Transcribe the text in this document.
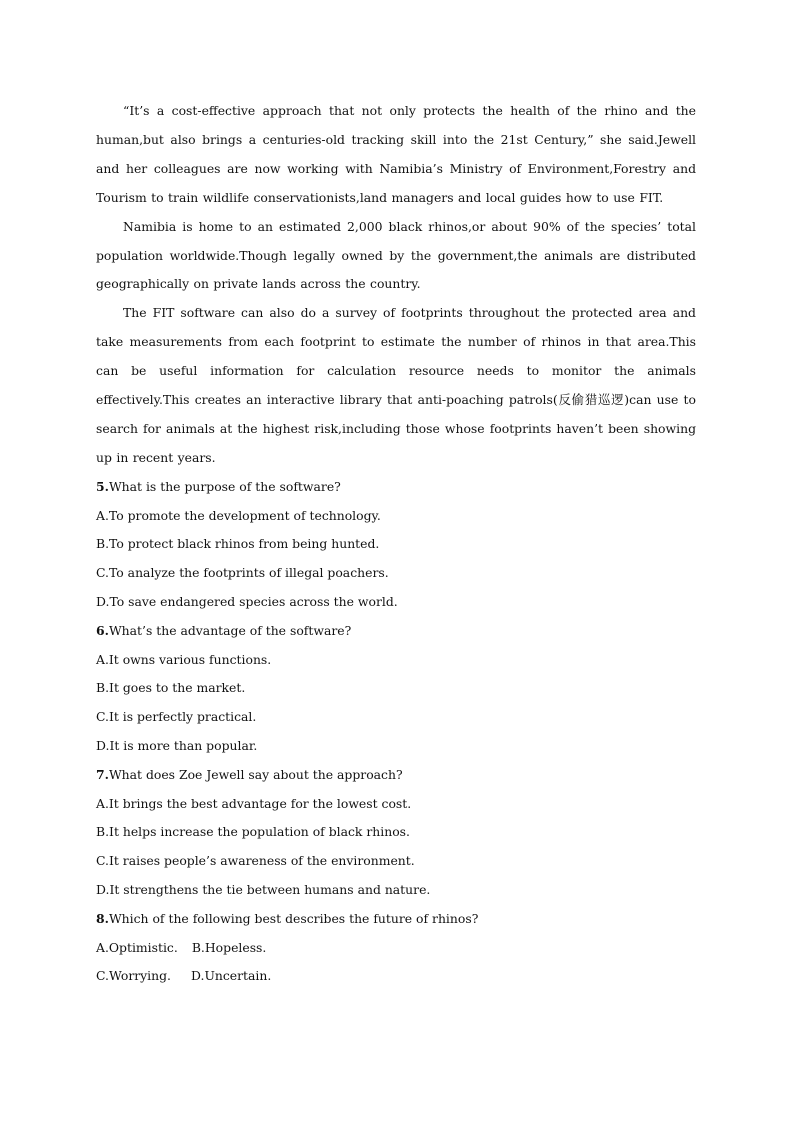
“It’s a cost-effective approach that not only protects the health of the rhino and the human,but also brings a centuries-old tracking skill into the 21st Century,” she said.Jewell and her colleagues are now working with Namibia’s Ministry of Environment,Forestry and Tourism to train wildlife conservationists,land managers and local guides how to use FIT.

Namibia is home to an estimated 2,000 black rhinos,or about 90% of the species’ total population worldwide.Though legally owned by the government,the animals are distributed geographically on private lands across the country.

The FIT software can also do a survey of footprints throughout the protected area and take measurements from each footprint to estimate the number of rhinos in that area.This can be useful information for calculation resource needs to monitor the animals effectively.This creates an interactive library that anti-poaching patrols(反偷猎巡逻)can use to search for animals at the highest risk,including those whose footprints haven’t been showing up in recent years.

5.What is the purpose of the software?
A.To promote the development of technology.
B.To protect black rhinos from being hunted.
C.To analyze the footprints of illegal poachers.
D.To save endangered species across the world.
6.What’s the advantage of the software?
A.It owns various functions.
B.It goes to the market.
C.It is perfectly practical.
D.It is more than popular.
7.What does Zoe Jewell say about the approach?
A.It brings the best advantage for the lowest cost.
B.It helps increase the population of black rhinos.
C.It raises people’s awareness of the environment.
D.It strengthens the tie between humans and nature.
8.Which of the following best describes the future of rhinos?
A.Optimistic. B.Hopeless.
C.Worrying. D.Uncertain.
